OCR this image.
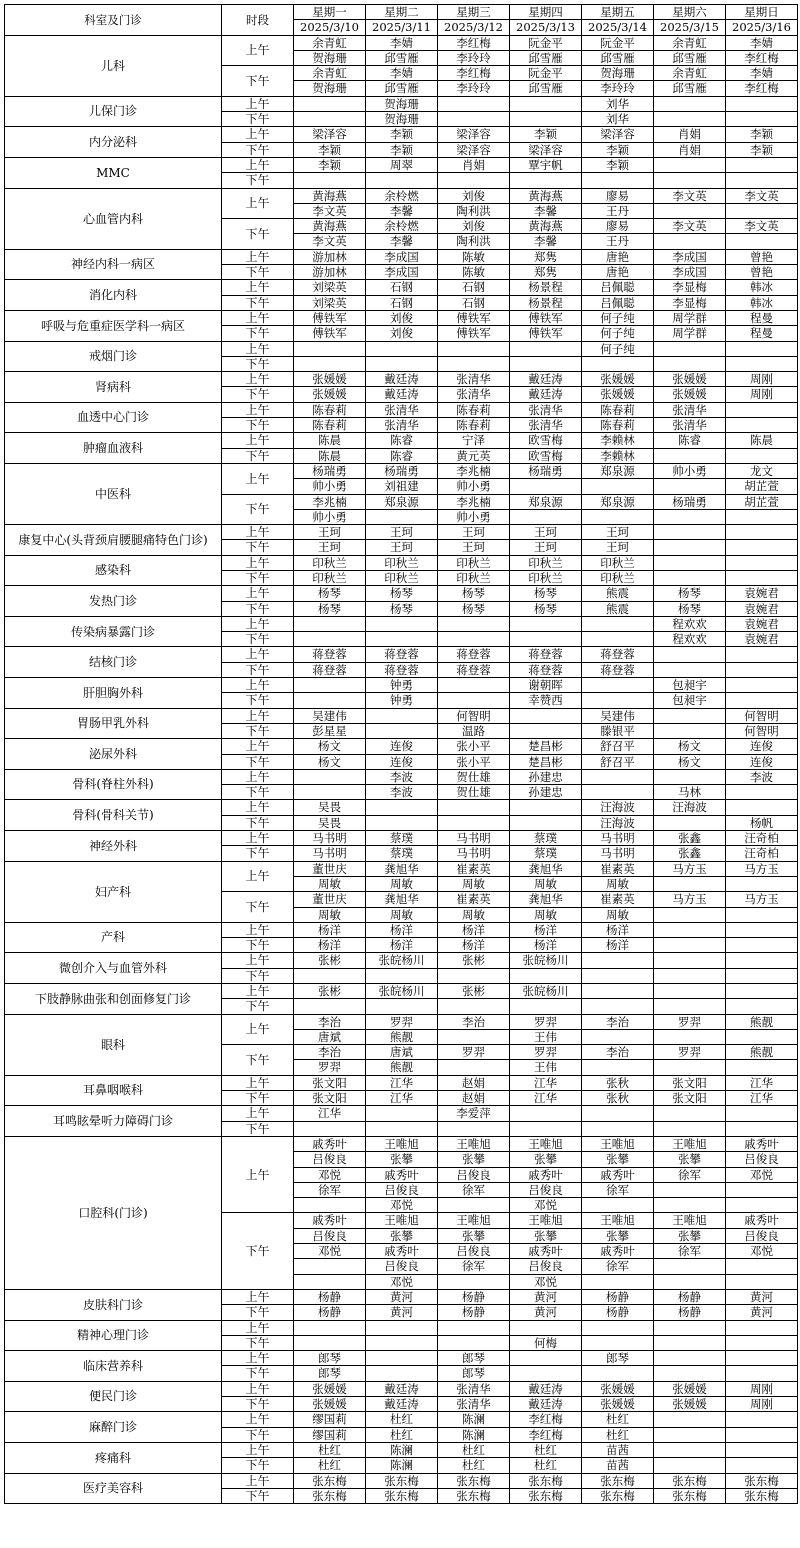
科室及门诊	时段	星期一	星期二	星期三	星期四	星期五	星期六	星期日
		2025/3/10	2025/3/11	2025/3/12	2025/3/13	2025/3/14	2025/3/15	2025/3/16
儿科	上午	余青虹	李婧	李红梅	阮金平	阮金平	余青虹	李婧
		贺海珊	邱雪雁	李玲玲	邱雪雁	邱雪雁	邱雪雁	李红梅
	下午	余青虹	李婧	李红梅	阮金平	贺海珊	余青虹	李婧
		贺海珊	邱雪雁	李玲玲	邱雪雁	李玲玲	邱雪雁	李红梅
儿保门诊	上午		贺海珊			刘华		
	下午		贺海珊			刘华		
内分泌科	上午	梁泽容	李颖	梁泽容	李颖	梁泽容	肖娟	李颖
	下午	李颖	李颖	梁泽容	梁泽容	李颖	肖娟	李颖
MMC	上午	李颖	周翠	肖娟	覃宇帆	李颖		
	下午							
心血管内科	上午	黄海燕	余柃燃	刘俊	黄海燕	廖易	李文英	李文英
		李文英	李馨	陶利洪	李馨	王丹		
	下午	黄海燕	余柃燃	刘俊	黄海燕	廖易	李文英	李文英
		李文英	李馨	陶利洪	李馨	王丹		
神经内科一病区	上午	游加林	李成国	陈敏	郑隽	唐艳	李成国	曾艳
	下午	游加林	李成国	陈敏	郑隽	唐艳	李成国	曾艳
消化内科	上午	刘梁英	石钢	石钢	杨景程	吕佩聪	李显梅	韩冰
	下午	刘梁英	石钢	石钢	杨景程	吕佩聪	李显梅	韩冰
呼吸与危重症医学科一病区	上午	傅铁军	刘俊	傅铁军	傅铁军	何子纯	周学群	程曼
	下午	傅铁军	刘俊	傅铁军	傅铁军	何子纯	周学群	程曼
戒烟门诊	上午					何子纯		
	下午							
肾病科	上午	张媛媛	戴廷涛	张清华	戴廷涛	张媛媛	张媛媛	周刚
	下午	张媛媛	戴廷涛	张清华	戴廷涛	张媛媛	张媛媛	周刚
血透中心门诊	上午	陈春莉	张清华	陈春莉	张清华	陈春莉	张清华	
	下午	陈春莉	张清华	陈春莉	张清华	陈春莉	张清华	
肿瘤血液科	上午	陈晨	陈睿	宁泽	欧雪梅	李赖林	陈睿	陈晨
	下午	陈晨	陈睿	黄元英	欧雪梅	李赖林		
中医科	上午	杨瑞勇	杨瑞勇	李兆楠	杨瑞勇	郑泉源	帅小勇	龙文
		帅小勇	刘祖建	帅小勇				胡芷萱
	下午	李兆楠	郑泉源	李兆楠	郑泉源	郑泉源	杨瑞勇	胡芷萱
		帅小勇		帅小勇				
康复中心(头背颈肩腰腿痛特色门诊)	上午	王珂	王珂	王珂	王珂	王珂		
	下午	王珂	王珂	王珂	王珂	王珂		
感染科	上午	印秋兰	印秋兰	印秋兰	印秋兰	印秋兰		
	下午	印秋兰	印秋兰	印秋兰	印秋兰	印秋兰		
发热门诊	上午	杨琴	杨琴	杨琴	杨琴	熊震	杨琴	袁婉君
	下午	杨琴	杨琴	杨琴	杨琴	熊震	杨琴	袁婉君
传染病暴露门诊	上午						程欢欢	袁婉君
	下午						程欢欢	袁婉君
结核门诊	上午	蒋登蓉	蒋登蓉	蒋登蓉	蒋登蓉	蒋登蓉		
	下午	蒋登蓉	蒋登蓉	蒋登蓉	蒋登蓉	蒋登蓉		
肝胆胸外科	上午		钟勇		谢朝晖		包昶宇	
	下午		钟勇		幸赞西		包昶宇	
胃肠甲乳外科	上午	吴建伟		何智明		吴建伟		何智明
	下午	彭星星		温路		滕银平		何智明
泌尿外科	上午	杨文	连俊	张小平	楚昌彬	舒召平	杨文	连俊
	下午	杨文	连俊	张小平	楚昌彬	舒召平	杨文	连俊
骨科(脊柱外科)	上午		李波	贺仕雄	孙建忠			李波
	下午		李波	贺仕雄	孙建忠		马林	
骨科(骨科关节)	上午	吴畏				汪海波	汪海波	
	下午	吴畏				汪海波		杨帆
神经外科	上午	马书明	蔡璞	马书明	蔡璞	马书明	张鑫	汪奇柏
	下午	马书明	蔡璞	马书明	蔡璞	马书明	张鑫	汪奇柏
妇产科	上午	董世庆	龚旭华	崔素英	龚旭华	崔素英	马方玉	马方玉
		周敏	周敏	周敏	周敏	周敏		
	下午	董世庆	龚旭华	崔素英	龚旭华	崔素英	马方玉	马方玉
		周敏	周敏	周敏	周敏	周敏		
产科	上午	杨洋	杨洋	杨洋	杨洋	杨洋		
	下午	杨洋	杨洋	杨洋	杨洋	杨洋		
微创介入与血管外科	上午	张彬	张皖杨川	张彬	张皖杨川			
	下午							
下肢静脉曲张和创面修复门诊	上午	张彬	张皖杨川	张彬	张皖杨川			
	下午							
眼科	上午	李治	罗羿	李治	罗羿	李治	罗羿	熊靓
		唐斌	熊靓		王伟			
	下午	李治	唐斌	罗羿	罗羿	李治	罗羿	熊靓
		罗羿	熊靓		王伟			
耳鼻咽喉科	上午	张文阳	江华	赵娟	江华	张秋	张文阳	江华
	下午	张文阳	江华	赵娟	江华	张秋	张文阳	江华
耳鸣眩晕听力障碍门诊	上午	江华		李爱萍				
	下午							
口腔科(门诊)	上午	戚秀叶	王唯旭	王唯旭	王唯旭	王唯旭	王唯旭	戚秀叶
		吕俊良	张攀	张攀	张攀	张攀	张攀	吕俊良
		邓悦	戚秀叶	吕俊良	戚秀叶	戚秀叶	徐军	邓悦
		徐军	吕俊良	徐军	吕俊良	徐军		
			邓悦		邓悦			
	下午	戚秀叶	王唯旭	王唯旭	王唯旭	王唯旭	王唯旭	戚秀叶
		吕俊良	张攀	张攀	张攀	张攀	张攀	吕俊良
		邓悦	戚秀叶	吕俊良	戚秀叶	戚秀叶	徐军	邓悦
			吕俊良	徐军	吕俊良	徐军		
			邓悦		邓悦			
皮肤科门诊	上午	杨静	黄河	杨静	黄河	杨静	杨静	黄河
	下午	杨静	黄河	杨静	黄河	杨静	杨静	黄河
精神心理门诊	上午							
	下午				何梅			
临床营养科	上午	郎琴		郎琴		郎琴		
	下午	郎琴		郎琴				
便民门诊	上午	张媛媛	戴廷涛	张清华	戴廷涛	张媛媛	张媛媛	周刚
	下午	张媛媛	戴廷涛	张清华	戴廷涛	张媛媛	张媛媛	周刚
麻醉门诊	上午	缪国莉	杜红	陈澜	李红梅	杜红		
	下午	缪国莉	杜红	陈澜	李红梅	杜红		
疼痛科	上午	杜红	陈澜	杜红	杜红	苗茜		
	下午	杜红	陈澜	杜红	杜红	苗茜		
医疗美容科	上午	张东梅	张东梅	张东梅	张东梅	张东梅	张东梅	张东梅
	下午	张东梅	张东梅	张东梅	张东梅	张东梅	张东梅	张东梅
